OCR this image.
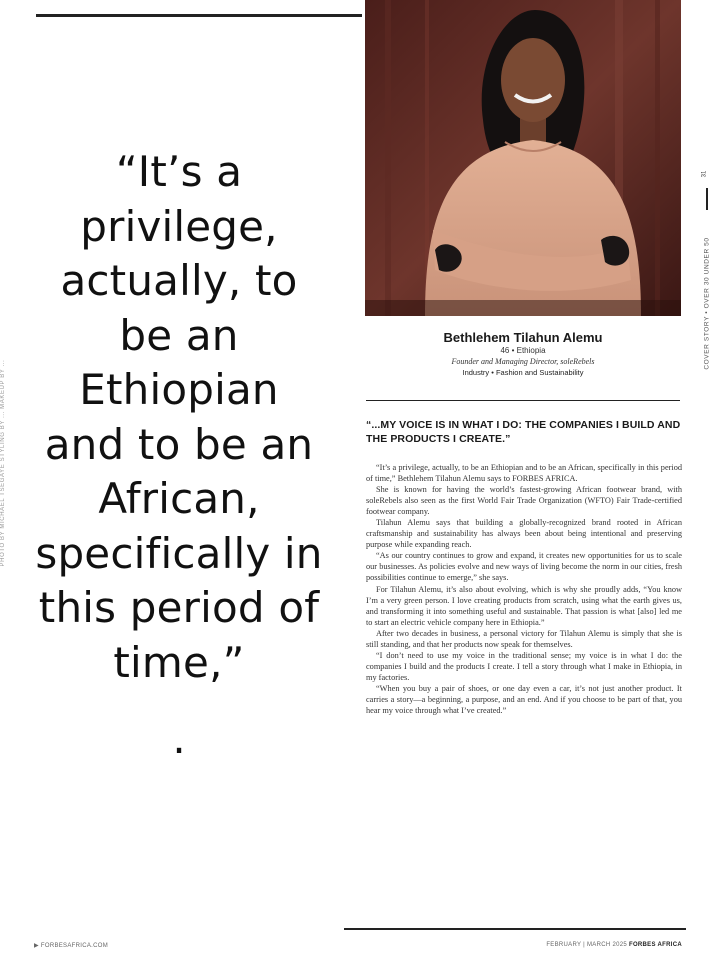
“It’s a
privilege,
actually, to
be an
Ethiopian
and to be an
African,
specifically in
this period of
time,”
.
PHOTO BY MICHAEL TSEGAYE STYLING BY ... MAKEUP BY ...
Bethlehem Tilahun Alemu
46 • Ethiopia
Founder and Managing Director, soleRebels
Industry • Fashion and Sustainability
“...MY VOICE IS IN WHAT I DO: THE COMPANIES I BUILD AND THE PRODUCTS I CREATE.”

“It’s a privilege, actually, to be an Ethiopian and to be an African, specifically in this period of time,” Bethlehem Tilahun Alemu says to FORBES AFRICA.

She is known for having the world’s fastest-growing African footwear brand, with soleRebels also seen as the first World Fair Trade Organization (WFTO) Fair Trade-certified footwear company.

Tilahun Alemu says that building a globally-recognized brand rooted in African craftsmanship and sustainability has always been about being intentional and preserving purpose while expanding reach.

“As our country continues to grow and expand, it creates new opportunities for us to scale our businesses. As policies evolve and new ways of living become the norm in our cities, fresh possibilities continue to emerge,” she says.

For Tilahun Alemu, it’s also about evolving, which is why she proudly adds, “You know I’m a very green person. I love creating products from scratch, using what the earth gives us, and transforming it into something useful and sustainable. That passion is what [also] led me to start an electric vehicle company here in Ethiopia.”

After two decades in business, a personal victory for Tilahun Alemu is simply that she is still standing, and that her products now speak for themselves.

“I don’t need to use my voice in the traditional sense; my voice is in what I do: the companies I build and the products I create. I tell a story through what I make in Ethiopia, in my factories.

“When you buy a pair of shoes, or one day even a car, it’s not just another product. It carries a story—a beginning, a purpose, and an end. And if you choose to be part of that, you hear my voice through what I’ve created.”

▶ FORBESAFRICA.COM	FEBRUARY | MARCH 2025 FORBES AFRICA
31
COVER STORY • OVER 30 UNDER 50
